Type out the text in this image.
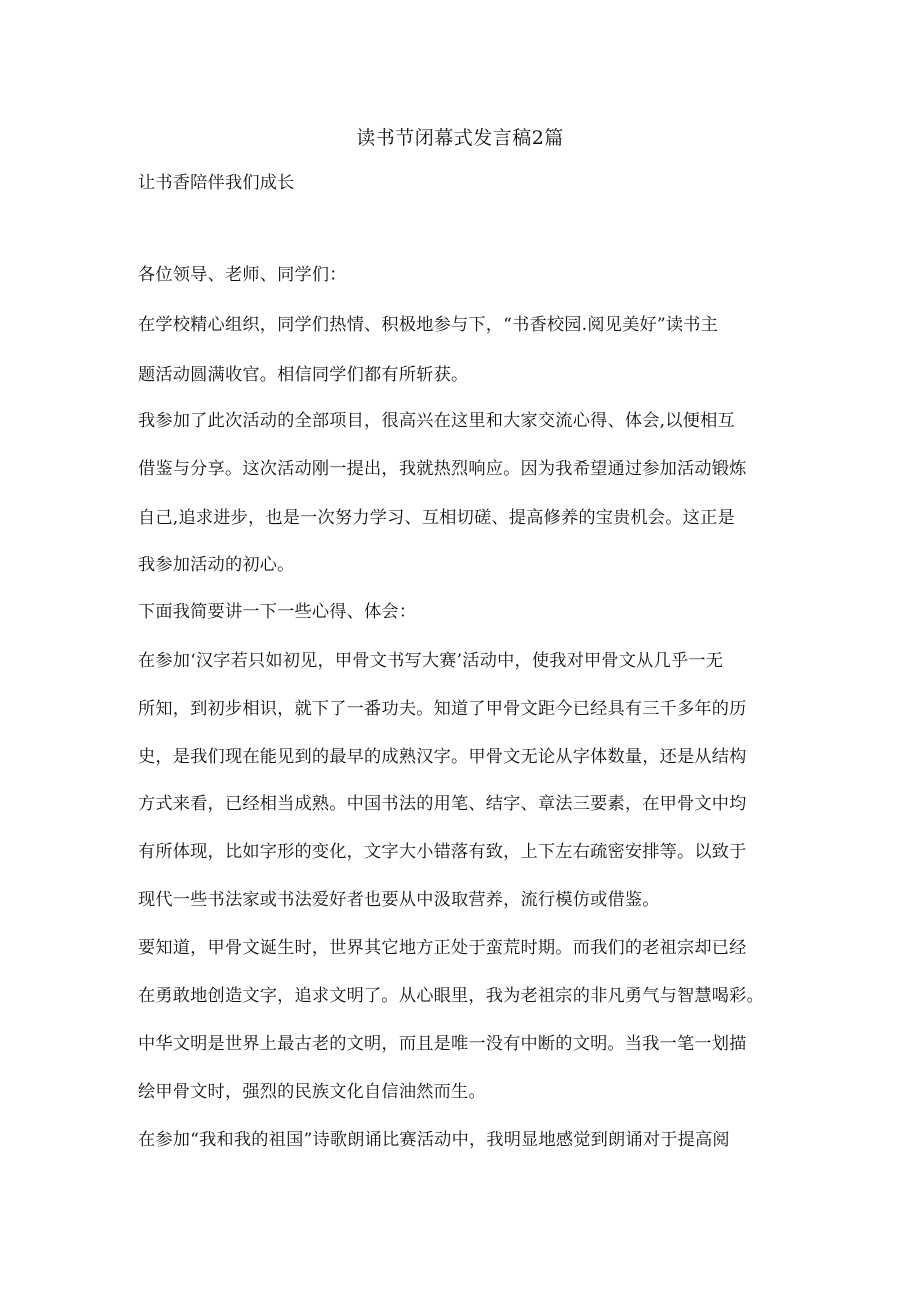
读书节闭幕式发言稿2篇
让书香陪伴我们成长
各位领导、老师、同学们：
在学校精心组织，同学们热情、积极地参与下，“书香校园.阅见美好”读书主
题活动圆满收官。相信同学们都有所斩获。
我参加了此次活动的全部项目，很高兴在这里和大家交流心得、体会,以便相互
借鉴与分享。这次活动刚一提出，我就热烈响应。因为我希望通过参加活动锻炼
自己,追求进步，也是一次努力学习、互相切磋、提高修养的宝贵机会。这正是
我参加活动的初心。
下面我简要讲一下一些心得、体会：
在参加‘汉字若只如初见，甲骨文书写大赛’活动中，使我对甲骨文从几乎一无
所知，到初步相识，就下了一番功夫。知道了甲骨文距今已经具有三千多年的历
史，是我们现在能见到的最早的成熟汉字。甲骨文无论从字体数量，还是从结构
方式来看，已经相当成熟。中国书法的用笔、结字、章法三要素，在甲骨文中均
有所体现，比如字形的变化，文字大小错落有致，上下左右疏密安排等。以致于
现代一些书法家或书法爱好者也要从中汲取营养，流行模仿或借鉴。
要知道，甲骨文诞生时，世界其它地方正处于蛮荒时期。而我们的老祖宗却已经
在勇敢地创造文字，追求文明了。从心眼里，我为老祖宗的非凡勇气与智慧喝彩。
中华文明是世界上最古老的文明，而且是唯一没有中断的文明。当我一笔一划描
绘甲骨文时，强烈的民族文化自信油然而生。
在参加“我和我的祖国”诗歌朗诵比赛活动中，我明显地感觉到朗诵对于提高阅
